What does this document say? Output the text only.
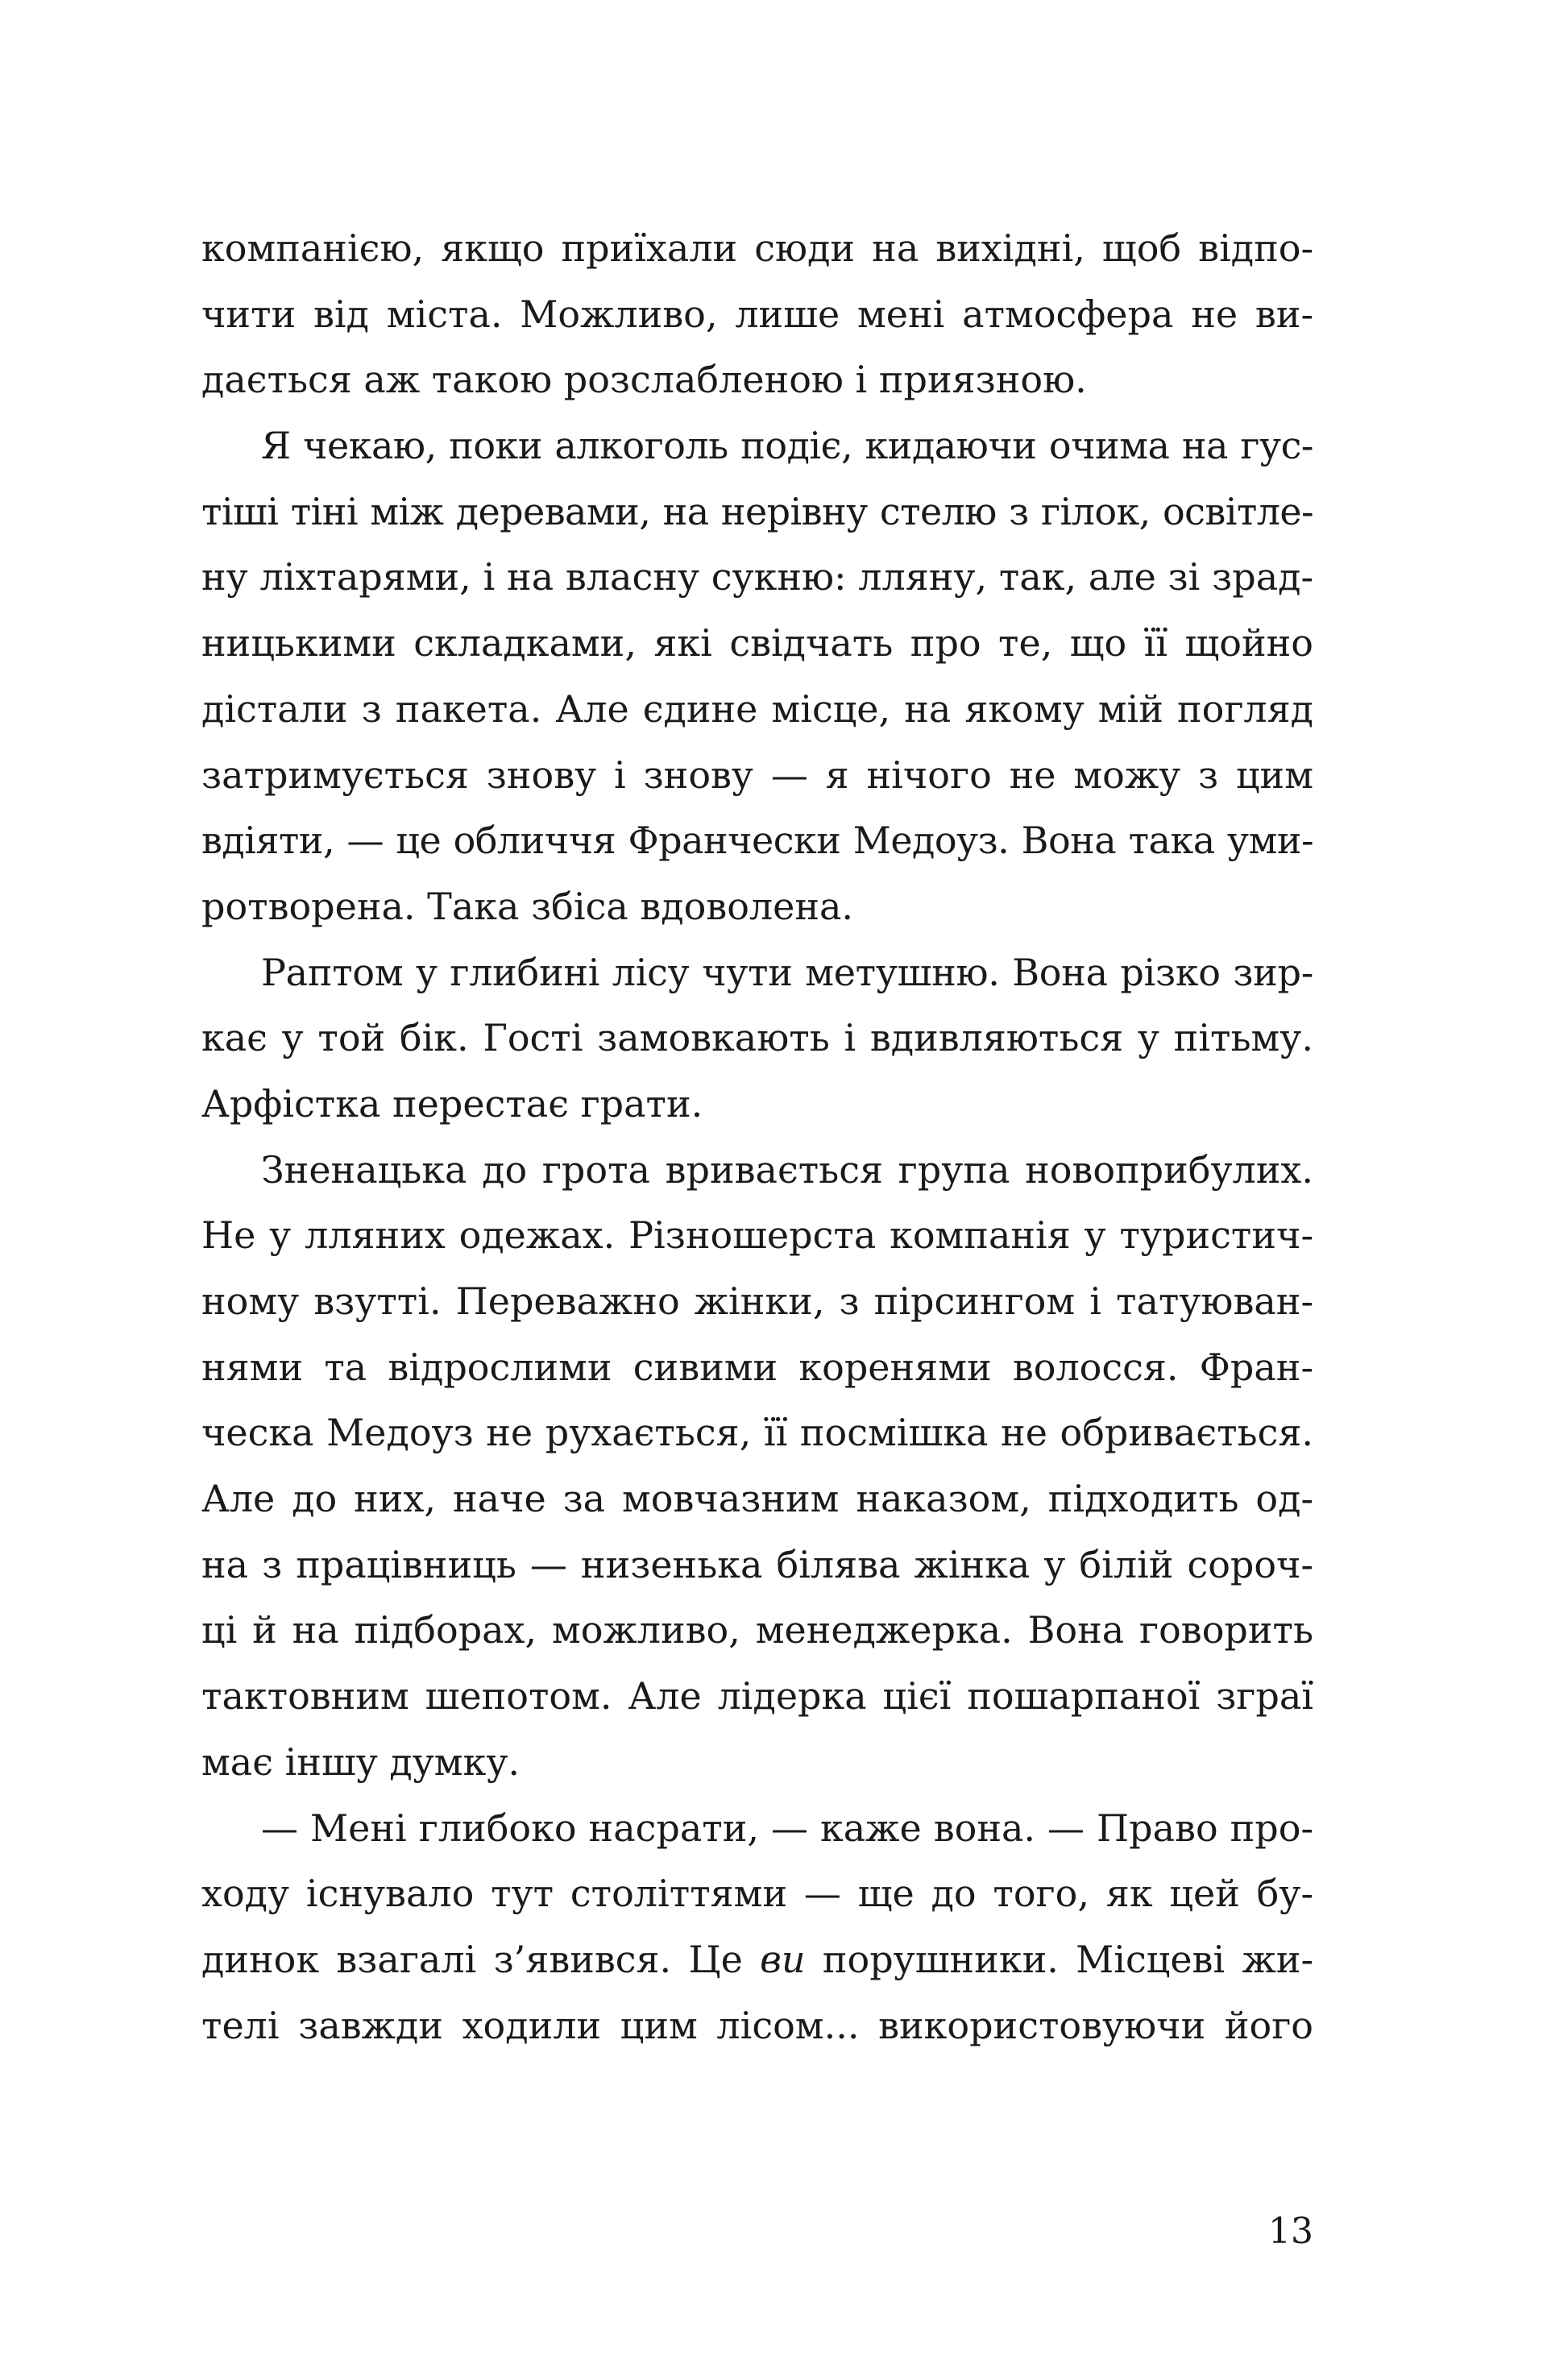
компанією, якщо приїхали сюди на вихідні, щоб відпо-
чити від міста. Можливо, лише мені атмосфера не ви-
дається аж такою розслабленою і приязною.
Я чекаю, поки алкоголь подіє, кидаючи очима на гус-
тіші тіні між деревами, на нерівну стелю з гілок, освітле-
ну ліхтарями, і на власну сукню: лляну, так, але зі зрад-
ницькими складками, які свідчать про те, що її щойно
дістали з пакета. Але єдине місце, на якому мій погляд
затримується знову і знову — я нічого не можу з цим
вдіяти, — це обличчя Франчески Медоуз. Вона така уми-
ротворена. Така збіса вдоволена.
Раптом у глибині лісу чути метушню. Вона різко зир-
кає у той бік. Гості замовкають і вдивляються у пітьму.
Арфістка перестає грати.
Зненацька до грота вривається група новоприбулих.
Не у лляних одежах. Різношерста компанія у туристич-
ному взутті. Переважно жінки, з пірсингом і татуюван-
нями та відрослими сивими коренями волосся. Фран-
ческа Медоуз не рухається, її посмішка не обривається.
Але до них, наче за мовчазним наказом, підходить од-
на з працівниць — низенька білява жінка у білій сороч-
ці й на підборах, можливо, менеджерка. Вона говорить
тактовним шепотом. Але лідерка цієї пошарпаної зграї
має іншу думку.
— Мені глибоко насрати, — каже вона. — Право про-
ходу існувало тут століттями — ще до того, як цей бу-
динок взагалі з’явився. Це ви порушники. Місцеві жи-
телі завжди ходили цим лісом... використовуючи його
13
